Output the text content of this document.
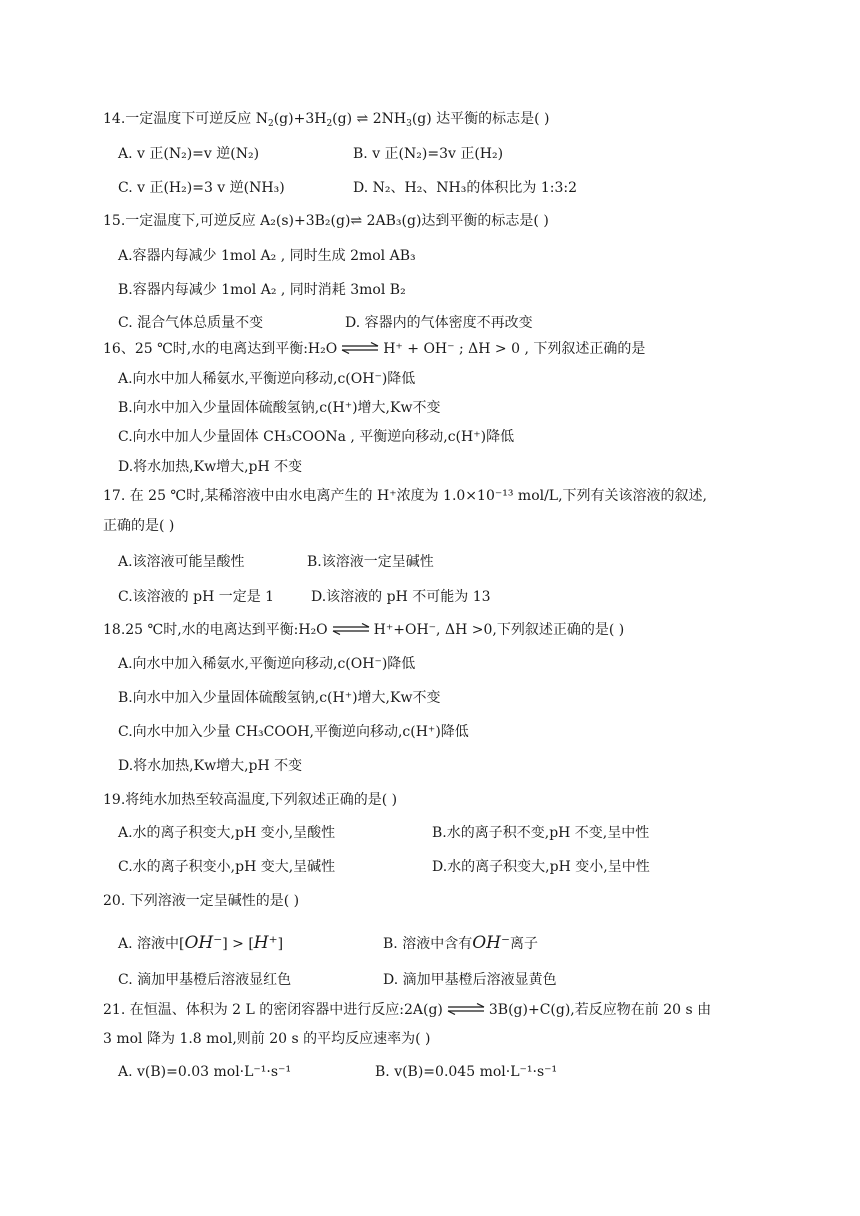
14.一定温度下可逆反应 $N_2(g)+3H_2(g)$ ⇌ $2NH_3(g)$ 达平衡的标志是( )
A. v 正(N₂)=v 逆(N₂)	B. v 正(N₂)=3v 正(H₂)
C. v 正(H₂)=3 v 逆(NH₃)	D. N₂、H₂、NH₃的体积比为 1:3:2
15.一定温度下,可逆反应 A₂(s)+3B₂(g)⇌ 2AB₃(g)达到平衡的标志是( )
A.容器内每减少 1mol A₂ , 同时生成 2mol AB₃
B.容器内每减少 1mol A₂ , 同时消耗 3mol B₂
C. 混合气体总质量不变	D. 容器内的气体密度不再改变
16、25 ℃时,水的电离达到平衡:H₂O ⇌ H⁺ + OH⁻ ; ΔH > 0 , 下列叙述正确的是
A.向水中加人稀氨水,平衡逆向移动,c(OH⁻)降低
B.向水中加入少量固体硫酸氢钠,c(H⁺)增大,Kw不变
C.向水中加人少量固体 CH₃COONa , 平衡逆向移动,c(H⁺)降低
D.将水加热,Kw增大,pH 不变
17. 在 25 ℃时,某稀溶液中由水电离产生的 H⁺浓度为 1.0×10⁻¹³ mol/L,下列有关该溶液的叙述,
正确的是( )
A.该溶液可能呈酸性	B.该溶液一定呈碱性
C.该溶液的 pH 一定是 1	D.该溶液的 pH 不可能为 13
18.25 ℃时,水的电离达到平衡:H₂O ⇌ H⁺+OH⁻, ΔH >0,下列叙述正确的是( )
A.向水中加入稀氨水,平衡逆向移动,c(OH⁻)降低
B.向水中加入少量固体硫酸氢钠,c(H⁺)增大,Kw不变
C.向水中加入少量 CH₃COOH,平衡逆向移动,c(H⁺)降低
D.将水加热,Kw增大,pH 不变
19.将纯水加热至较高温度,下列叙述正确的是( )
A.水的离子积变大,pH 变小,呈酸性	B.水的离子积不变,pH 不变,呈中性
C.水的离子积变小,pH 变大,呈碱性	D.水的离子积变大,pH 变小,呈中性
20. 下列溶液一定呈碱性的是( )
A. 溶液中[OH⁻] > [H⁺]	B. 溶液中含有OH⁻离子
C. 滴加甲基橙后溶液显红色	D. 滴加甲基橙后溶液显黄色
21. 在恒温、体积为 2 L 的密闭容器中进行反应:2A(g) ⇌ 3B(g)+C(g),若反应物在前 20 s 由
3 mol 降为 1.8 mol,则前 20 s 的平均反应速率为( )
A. v(B)=0.03 mol·L⁻¹·s⁻¹	B. v(B)=0.045 mol·L⁻¹·s⁻¹
